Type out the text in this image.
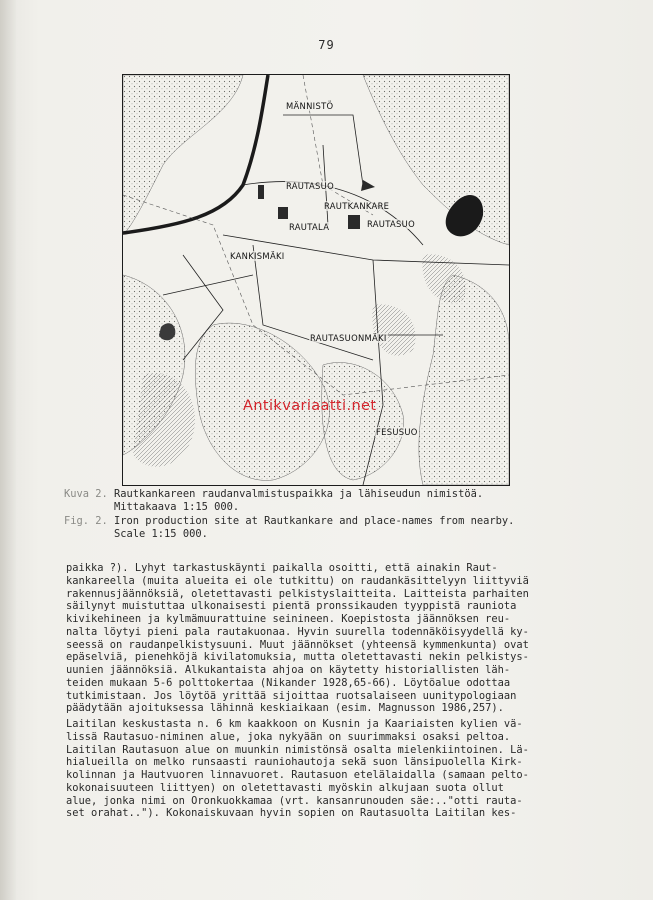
79
MÄNNISTÖ
RAUTASUO
RAUTKANKARE
RAUTALA	RAUTASUO
KANKISMÄKI
RAUTASUONMÄKI
FESUSUO
Antikvariaatti.net
Kuva 2. Rautkankareen raudanvalmistuspaikka ja lähiseudun nimistöä.
Mittakaava 1:15 000.
Fig. 2. Iron production site at Rautkankare and place-names from nearby.
Scale 1:15 000.
paikka ?). Lyhyt tarkastuskäynti paikalla osoitti, että ainakin Raut-
kankareella (muita alueita ei ole tutkittu) on raudankäsittelyyn liittyviä
rakennusjäännöksiä, oletettavasti pelkistyslaitteita. Laitteista parhaiten
säilynyt muistuttaa ulkonaisesti pientä pronssikauden tyyppistä rauniota
kivikehineen ja kylmämuurattuine seinineen. Koepistosta jäännöksen reu-
nalta löytyi pieni pala rautakuonaa. Hyvin suurella todennäköisyydellä ky-
seessä on raudanpelkistysuuni. Muut jäännökset (yhteensä kymmenkunta) ovat
epäselviä, pienehköjä kivilatomuksia, mutta oletettavasti nekin pelkistys-
uunien jäännöksiä. Alkukantaista ahjoa on käytetty historiallisten läh-
teiden mukaan 5-6 polttokertaa (Nikander 1928,65-66). Löytöalue odottaa
tutkimistaan. Jos löytöä yrittää sijoittaa ruotsalaiseen uunitypologiaan
päädytään ajoituksessa lähinnä keskiaikaan (esim. Magnusson 1986,257).
Laitilan keskustasta n. 6 km kaakkoon on Kusnin ja Kaariaisten kylien vä-
lissä Rautasuo-niminen alue, joka nykyään on suurimmaksi osaksi peltoa.
Laitilan Rautasuon alue on muunkin nimistönsä osalta mielenkiintoinen. Lä-
hialueilla on melko runsaasti rauniohautoja sekä suon länsipuolella Kirk-
kolinnan ja Hautvuoren linnavuoret. Rautasuon etelälaidalla (samaan pelto-
kokonaisuuteen liittyen) on oletettavasti myöskin alkujaan suota ollut
alue, jonka nimi on Oronkuokkamaa (vrt. kansanrunouden säe:.."otti rauta-
set orahat.."). Kokonaiskuvaan hyvin sopien on Rautasuolta Laitilan kes-
